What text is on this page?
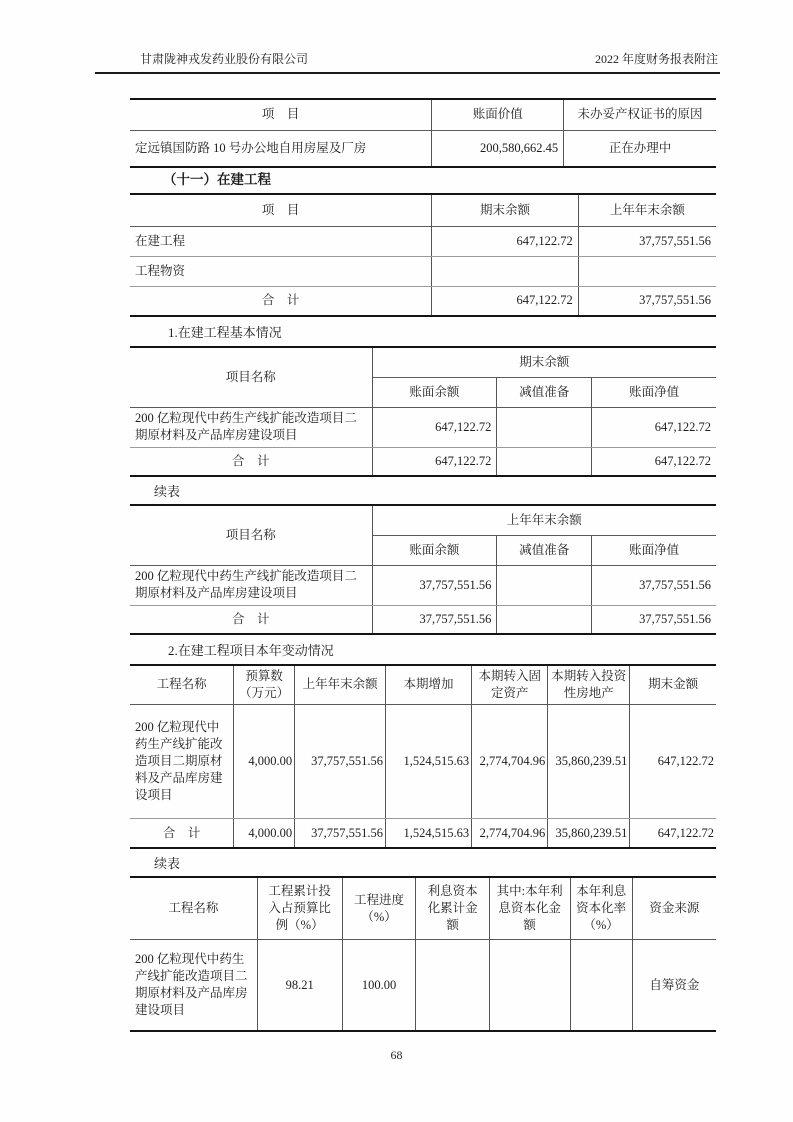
甘肃陇神戎发药业股份有限公司	2022 年度财务报表附注
项　目	账面价值	未办妥产权证书的原因
定远镇国防路 10 号办公地自用房屋及厂房	200,580,662.45	正在办理中
（十一）在建工程
项　目	期末余额	上年年末余额
在建工程	647,122.72	37,757,551.56
工程物资		
合　计	647,122.72	37,757,551.56
1.在建工程基本情况
项目名称	期末余额		
	账面余额	减值准备	账面净值
200 亿粒现代中药生产线扩能改造项目二期原材料及产品库房建设项目	647,122.72		647,122.72
合　计	647,122.72		647,122.72
续表
项目名称	上年年末余额		
	账面余额	减值准备	账面净值
200 亿粒现代中药生产线扩能改造项目二期原材料及产品库房建设项目	37,757,551.56		37,757,551.56
合　计	37,757,551.56		37,757,551.56
2.在建工程项目本年变动情况
工程名称	预算数（万元）	上年年末余额	本期增加	本期转入固定资产	本期转入投资性房地产	期末金额
200 亿粒现代中药生产线扩能改造项目二期原材料及产品库房建设项目	4,000.00	37,757,551.56	1,524,515.63	2,774,704.96	35,860,239.51	647,122.72
合　计	4,000.00	37,757,551.56	1,524,515.63	2,774,704.96	35,860,239.51	647,122.72
续表
工程名称	工程累计投入占预算比例（%）	工程进度（%）	利息资本化累计金额	其中:本年利息资本化金额	本年利息资本化率（%）	资金来源
200 亿粒现代中药生产线扩能改造项目二期原材料及产品库房建设项目	98.21	100.00				自筹资金
68
